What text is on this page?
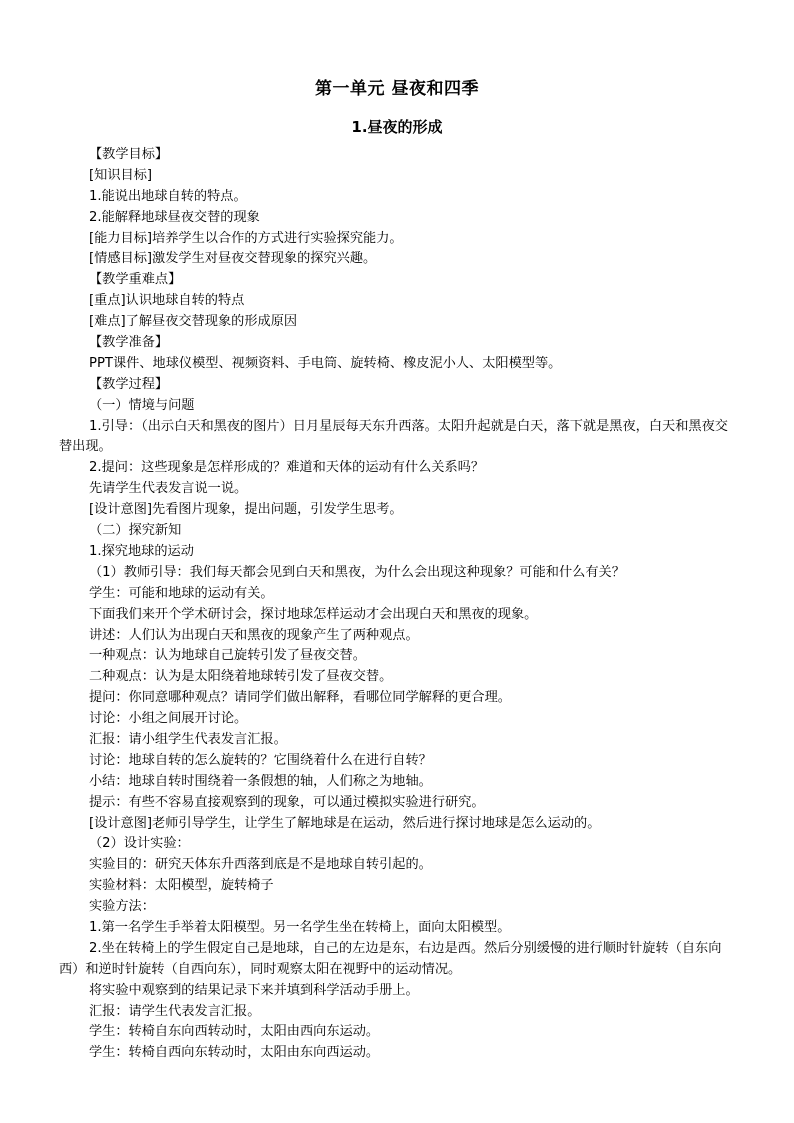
第一单元 昼夜和四季
1.昼夜的形成
【教学目标】
[知识目标]
1.能说出地球自转的特点。
2.能解释地球昼夜交替的现象
[能力目标]培养学生以合作的方式进行实验探究能力。
[情感目标]激发学生对昼夜交替现象的探究兴趣。
【教学重难点】
[重点]认识地球自转的特点
[难点]了解昼夜交替现象的形成原因
【教学准备】
PPT课件、地球仪模型、视频资料、手电筒、旋转椅、橡皮泥小人、太阳模型等。
【教学过程】
（一）情境与问题
1.引导：（出示白天和黑夜的图片）日月星辰每天东升西落。太阳升起就是白天，落下就是黑夜，白天和黑夜交替出现。
2.提问：这些现象是怎样形成的？难道和天体的运动有什么关系吗？
先请学生代表发言说一说。
[设计意图]先看图片现象，提出问题，引发学生思考。
（二）探究新知
1.探究地球的运动
（1）教师引导：我们每天都会见到白天和黑夜，为什么会出现这种现象？可能和什么有关？
学生：可能和地球的运动有关。
下面我们来开个学术研讨会，探讨地球怎样运动才会出现白天和黑夜的现象。
讲述：人们认为出现白天和黑夜的现象产生了两种观点。
一种观点：认为地球自己旋转引发了昼夜交替。
二种观点：认为是太阳绕着地球转引发了昼夜交替。
提问：你同意哪种观点？请同学们做出解释，看哪位同学解释的更合理。
讨论：小组之间展开讨论。
汇报：请小组学生代表发言汇报。
讨论：地球自转的怎么旋转的？它围绕着什么在进行自转？
小结：地球自转时围绕着一条假想的轴，人们称之为地轴。
提示：有些不容易直接观察到的现象，可以通过模拟实验进行研究。
[设计意图]老师引导学生，让学生了解地球是在运动，然后进行探讨地球是怎么运动的。
（2）设计实验：
实验目的：研究天体东升西落到底是不是地球自转引起的。
实验材料：太阳模型，旋转椅子
实验方法：
1.第一名学生手举着太阳模型。另一名学生坐在转椅上，面向太阳模型。
2.坐在转椅上的学生假定自己是地球，自己的左边是东，右边是西。然后分别缓慢的进行顺时针旋转（自东向西）和逆时针旋转（自西向东），同时观察太阳在视野中的运动情况。
将实验中观察到的结果记录下来并填到科学活动手册上。
汇报：请学生代表发言汇报。
学生：转椅自东向西转动时，太阳由西向东运动。
学生：转椅自西向东转动时，太阳由东向西运动。
